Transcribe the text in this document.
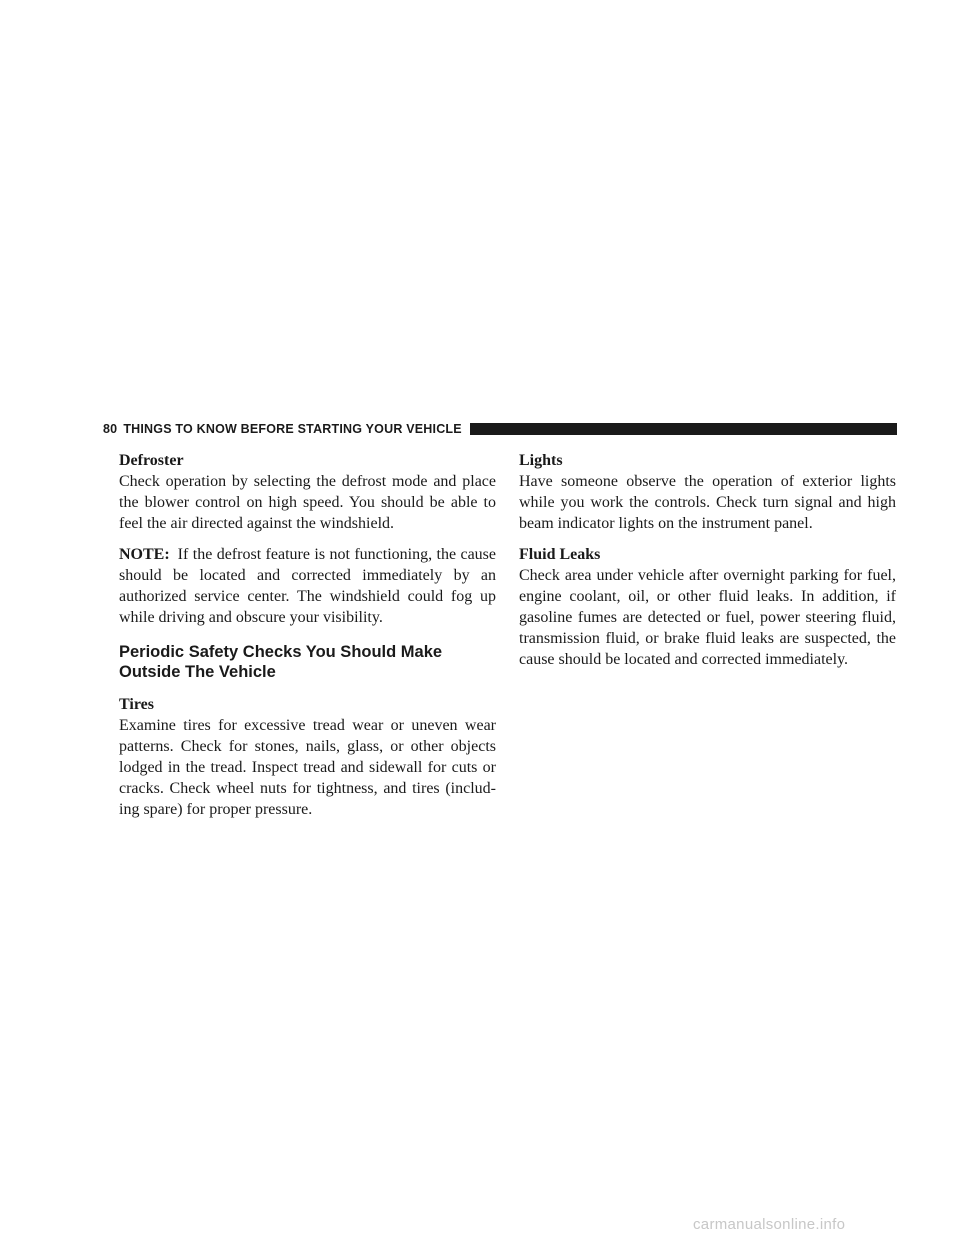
80 THINGS TO KNOW BEFORE STARTING YOUR VEHICLE
Defroster

Check operation by selecting the defrost mode and place the blower control on high speed. You should be able to feel the air directed against the windshield.

NOTE: If the defrost feature is not functioning, the cause should be located and corrected immediately by an authorized service center. The windshield could fog up while driving and obscure your visibility.

Periodic Safety Checks You Should Make Outside The Vehicle
Tires

Examine tires for excessive tread wear or uneven wear patterns. Check for stones, nails, glass, or other objects lodged in the tread. Inspect tread and sidewall for cuts or cracks. Check wheel nuts for tightness, and tires (includ-ing spare) for proper pressure.

Lights

Have someone observe the operation of exterior lights while you work the controls. Check turn signal and high beam indicator lights on the instrument panel.

Fluid Leaks

Check area under vehicle after overnight parking for fuel, engine coolant, oil, or other fluid leaks. In addition, if gasoline fumes are detected or fuel, power steering fluid, transmission fluid, or brake fluid leaks are suspected, the cause should be located and corrected immediately.

carmanualsonline.info
